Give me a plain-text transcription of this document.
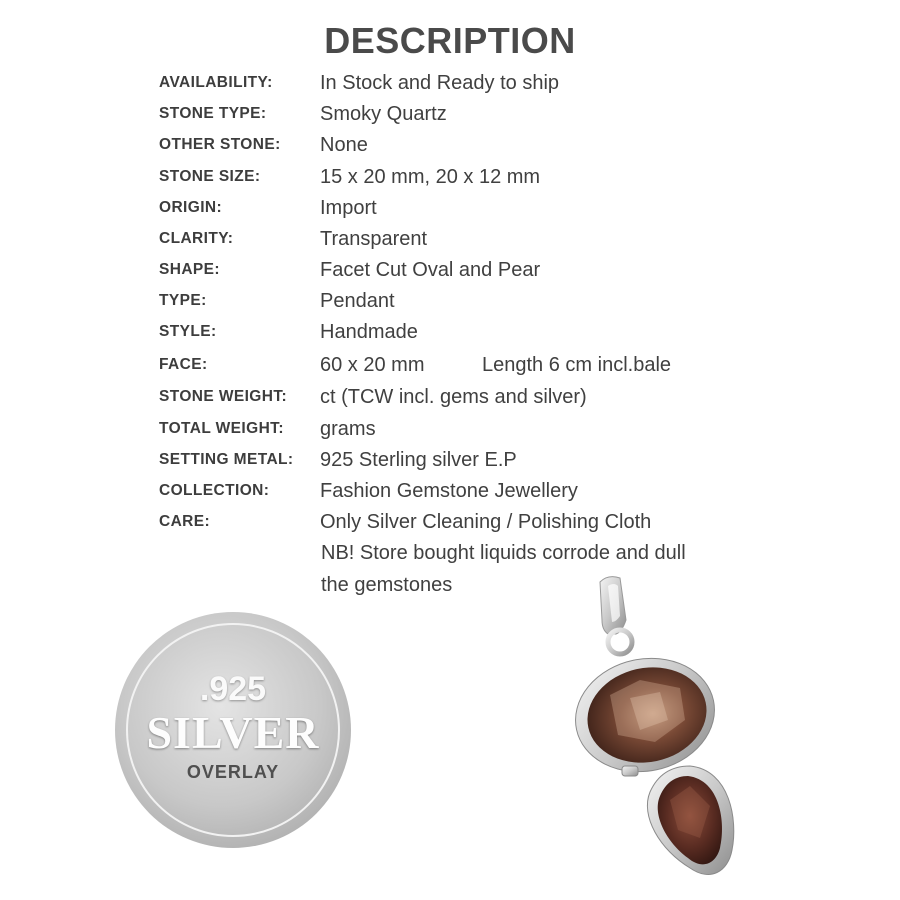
DESCRIPTION
AVAILABILITY: In Stock and Ready to ship
STONE TYPE:	Smoky Quartz
OTHER STONE: None
STONE SIZE:	15 x 20 mm, 20 x 12 mm
ORIGIN:	Import
CLARITY:	Transparent
SHAPE:	Facet Cut Oval and Pear
TYPE:	Pendant
STYLE:	Handmade
FACE:	60 x 20 mm	Length 6 cm incl.bale
STONE WEIGHT: ct (TCW incl. gems and silver)
TOTAL WEIGHT: grams
SETTING METAL: 925 Sterling silver E.P
COLLECTION:	Fashion Gemstone Jewellery
CARE:	Only Silver Cleaning / Polishing Cloth
NB! Store bought liquids corrode and dull
the gemstones
.925
SILVER
OVERLAY
